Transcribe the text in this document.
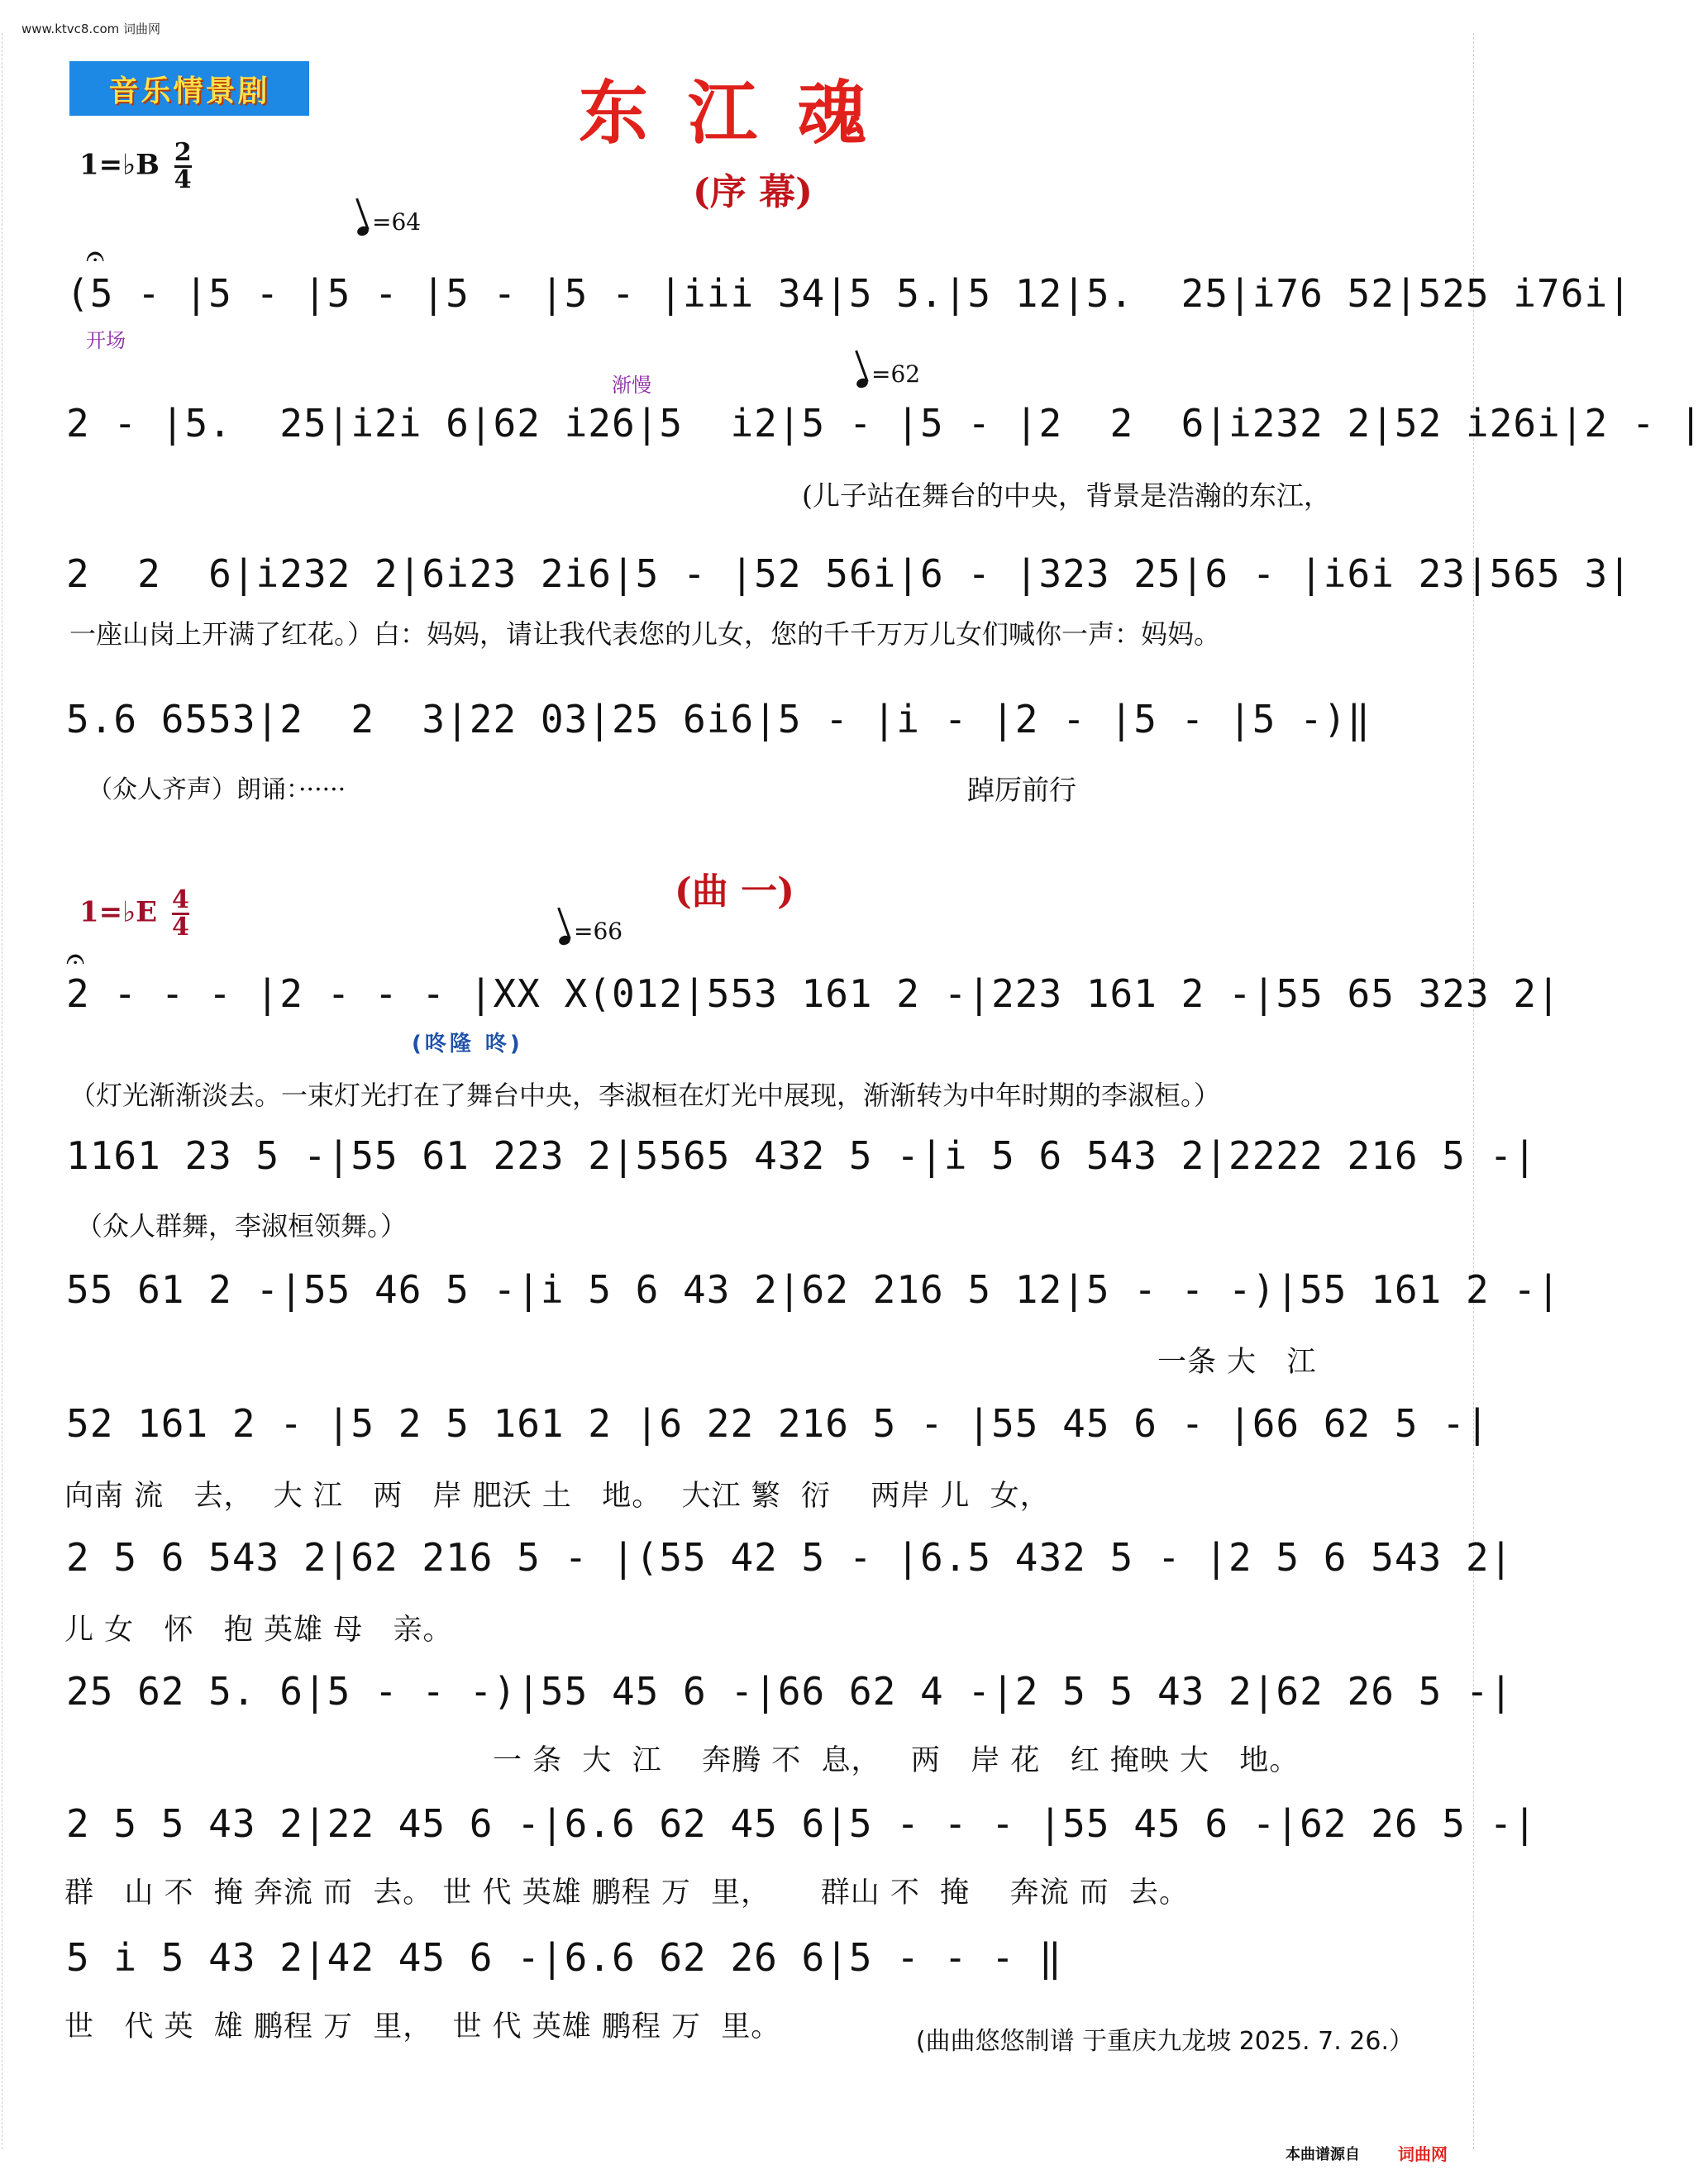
www.ktvc8.com 词曲网
音乐情景剧	东江魂
1=♭B $\frac{2}{4}$	(序 幕)
=64
𝄐
(5 - |5 - |5 - |5 - |5 - |iii 34|5 5.|5 12|5.  25|i76 52|525 i76i|
开场
渐慢	=62
2 - |5.  25|i2i 6|62 i26|5  i2|5 - |5 - |2  2  6|i232 2|52 i26i|2 - |
(儿子站在舞台的中央，背景是浩瀚的东江，
2  2  6|i232 2|6i23 2i6|5 - |52 56i|6 - |323 25|6 - |i6i 23|565 3|
一座山岗上开满了红花。）白：妈妈，请让我代表您的儿女，您的千千万万儿女们喊你一声：妈妈。
5.6 6553|2  2  3|22 03|25 6i6|5 - |i - |2 - |5 - |5 -)‖
（众人齐声）朗诵：······	踔厉前行
(曲 一)
1=♭E $\frac{4}{4}$	=66
𝄐
2 - - - |2 - - - |XX X(012|553 161 2 -|223 161 2 -|55 65 323 2|
(咚隆 咚)
（灯光渐渐淡去。一束灯光打在了舞台中央，李淑桓在灯光中展现，渐渐转为中年时期的李淑桓。）
1161 23 5 -|55 61 223 2|5565 432 5 -|i 5 6 543 2|2222 216 5 -|
（众人群舞，李淑桓领舞。）
55 61 2 -|55 46 5 -|i 5 6 43 2|62 216 5 12|5 - - -)|55 161 2 -|
一条 大   江
52 161 2 - |5 2 5 161 2 |6 22 216 5 - |55 45 6 - |66 62 5 -|
向南 流   去，  大 江   两   岸 肥沃 土   地。  大江 繁  衍    两岸 儿  女，
2 5 6 543 2|62 216 5 - |(55 42 5 - |6.5 432 5 - |2 5 6 543 2|
儿 女   怀   抱 英雄 母   亲。
25 62 5. 6|5 - - -)|55 45 6 -|66 62 4 -|2 5 5 43 2|62 26 5 -|
一 条  大  江    奔腾 不  息，   两   岸 花   红 掩映 大   地。
2 5 5 43 2|22 45 6 -|6.6 62 45 6|5 - - - |55 45 6 -|62 26 5 -|
群   山 不  掩 奔流 而  去。 世 代 英雄 鹏程 万  里，     群山 不  掩    奔流 而  去。
5 i 5 43 2|42 45 6 -|6.6 62 26 6|5 - - - ‖
世   代 英  雄 鹏程 万  里，  世 代 英雄 鹏程 万  里。	(曲曲悠悠制谱 于重庆九龙坡 2025. 7. 26.）
本曲谱源自 词曲网
